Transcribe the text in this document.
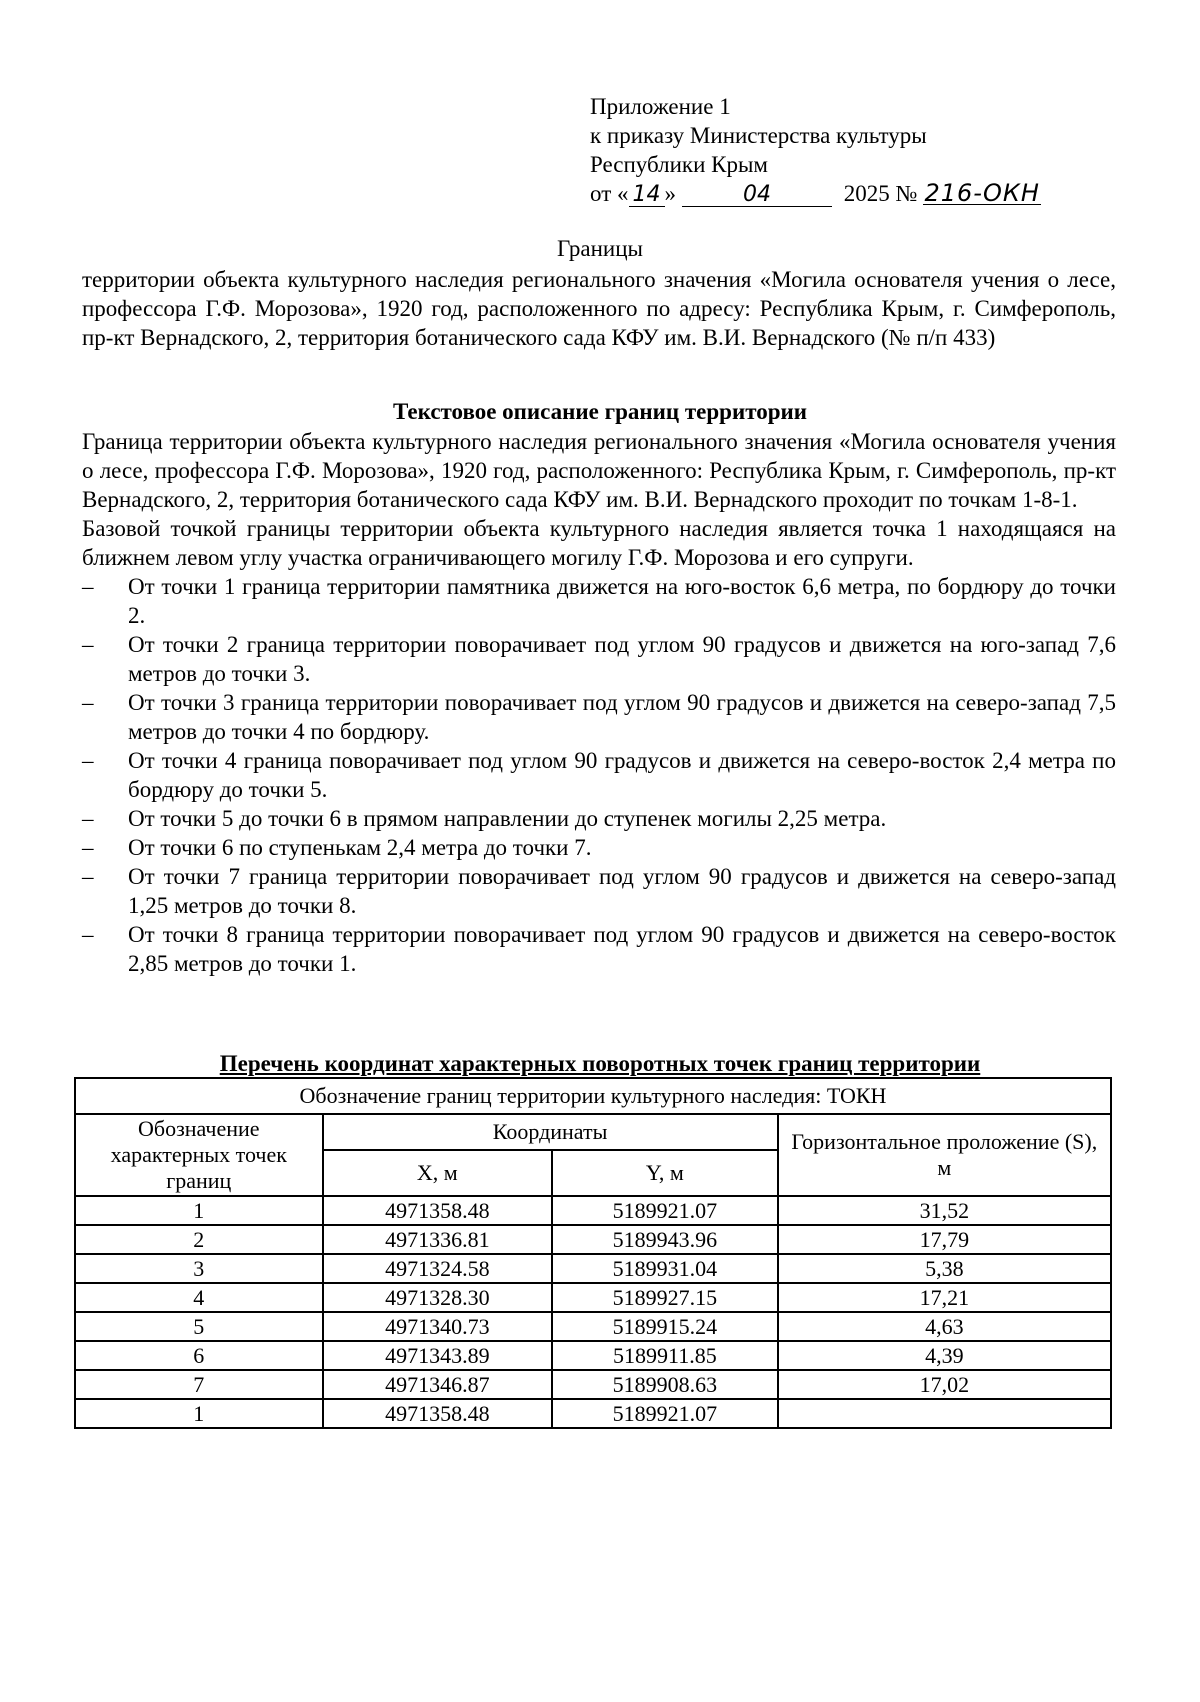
Приложение 1
к приказу Министерства культуры
Республики Крым
от « 14 »	04	2025 № 216-ОКН
Границы
территории объекта культурного наследия регионального значения «Могила основателя учения о лесе, профессора Г.Ф. Морозова», 1920 год, расположенного по адресу: Республика Крым, г. Симферополь, пр-кт Вернадского, 2, территория ботанического сада КФУ им. В.И. Вернадского (№ п/п 433)
Текстовое описание границ территории
Граница территории объекта культурного наследия регионального значения «Могила основателя учения о лесе, профессора Г.Ф. Морозова», 1920 год, расположенного: Республика Крым, г. Симферополь, пр-кт Вернадского, 2, территория ботанического сада КФУ им. В.И. Вернадского проходит по точкам 1-8-1.
Базовой точкой границы территории объекта культурного наследия является точка 1 находящаяся на ближнем левом углу участка ограничивающего могилу Г.Ф. Морозова и его супруги.
– От точки 1 граница территории памятника движется на юго-восток 6,6 метра, по бордюру до точки 2.
– От точки 2 граница территории поворачивает под углом 90 градусов и движется на юго-запад 7,6 метров до точки 3.
– От точки 3 граница территории поворачивает под углом 90 градусов и движется на северо-запад 7,5 метров до точки 4 по бордюру.
– От точки 4 граница поворачивает под углом 90 градусов и движется на северо-восток 2,4 метра по бордюру до точки 5.
– От точки 5 до точки 6 в прямом направлении до ступенек могилы 2,25 метра.
– От точки 6 по ступенькам 2,4 метра до точки 7.
– От точки 7 граница территории поворачивает под углом 90 градусов и движется на северо-запад 1,25 метров до точки 8.
– От точки 8 граница территории поворачивает под углом 90 градусов и движется на северо-восток 2,85 метров до точки 1.
Перечень координат характерных поворотных точек границ территории
Обозначение границ территории культурного наследия: ТОКН			
Обозначение характерных точек границ	Координаты		Горизонтальное проложение (S), м
	X, м	Y, м	
1	4971358.48	5189921.07	31,52
2	4971336.81	5189943.96	17,79
3	4971324.58	5189931.04	5,38
4	4971328.30	5189927.15	17,21
5	4971340.73	5189915.24	4,63
6	4971343.89	5189911.85	4,39
7	4971346.87	5189908.63	17,02
1	4971358.48	5189921.07	
